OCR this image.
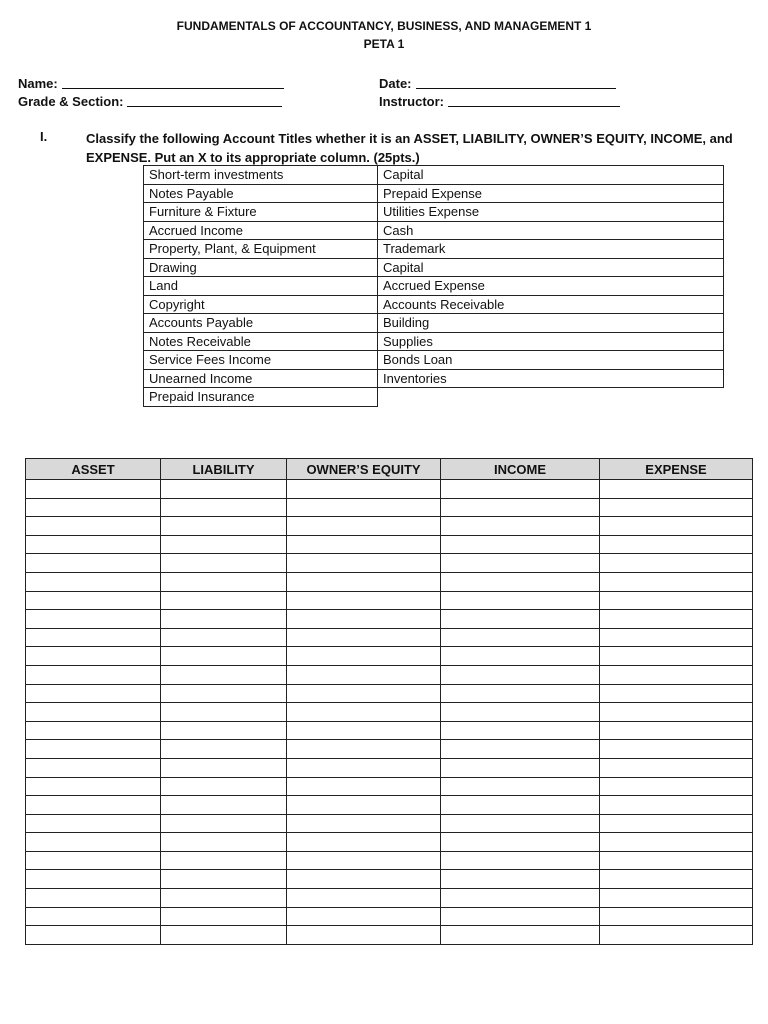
FUNDAMENTALS OF ACCOUNTANCY, BUSINESS, AND MANAGEMENT 1
PETA 1
Name:	Date:
Grade & Section:	Instructor:
I.	Classify the following Account Titles whether it is an ASSET, LIABILITY, OWNER’S EQUITY, INCOME, and EXPENSE. Put an X to its appropriate column. (25pts.)
Short-term investments	Capital
Notes Payable	Prepaid Expense
Furniture & Fixture	Utilities Expense
Accrued Income	Cash
Property, Plant, & Equipment	Trademark
Drawing	Capital
Land	Accrued Expense
Copyright	Accounts Receivable
Accounts Payable	Building
Notes Receivable	Supplies
Service Fees Income	Bonds Loan
Unearned Income	Inventories
Prepaid Insurance	
ASSET	LIABILITY	OWNER’S EQUITY	INCOME	EXPENSE
